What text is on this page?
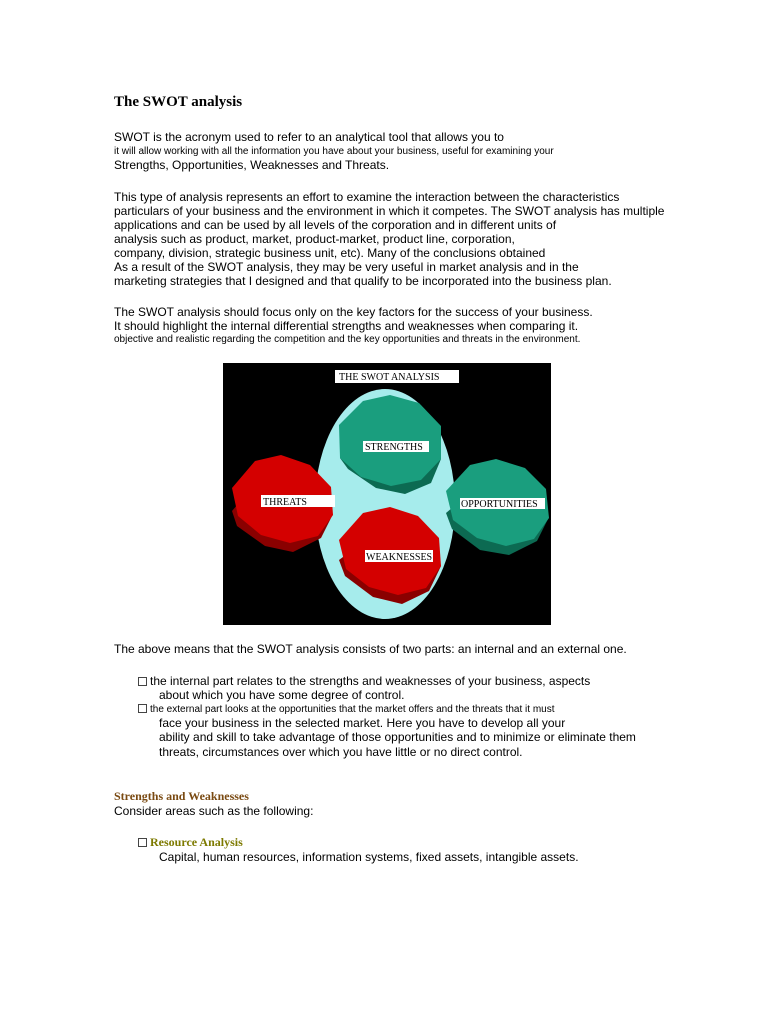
The SWOT analysis
SWOT is the acronym used to refer to an analytical tool that allows you to
it will allow working with all the information you have about your business, useful for examining your
Strengths, Opportunities, Weaknesses and Threats.
This type of analysis represents an effort to examine the interaction between the characteristics
particulars of your business and the environment in which it competes. The SWOT analysis has multiple
applications and can be used by all levels of the corporation and in different units of
analysis such as product, market, product-market, product line, corporation,
company, division, strategic business unit, etc). Many of the conclusions obtained
As a result of the SWOT analysis, they may be very useful in market analysis and in the
marketing strategies that I designed and that qualify to be incorporated into the business plan.
The SWOT analysis should focus only on the key factors for the success of your business.
It should highlight the internal differential strengths and weaknesses when comparing it.
objective and realistic regarding the competition and the key opportunities and threats in the environment.
THE SWOT ANALYSIS
STRENGTHS
THREATS	OPPORTUNITIES
WEAKNESSES
The above means that the SWOT analysis consists of two parts: an internal and an external one.
the internal part relates to the strengths and weaknesses of your business, aspects
about which you have some degree of control.
the external part looks at the opportunities that the market offers and the threats that it must
face your business in the selected market. Here you have to develop all your
ability and skill to take advantage of those opportunities and to minimize or eliminate them
threats, circumstances over which you have little or no direct control.
Strengths and Weaknesses
Consider areas such as the following:
Resource Analysis
Capital, human resources, information systems, fixed assets, intangible assets.
